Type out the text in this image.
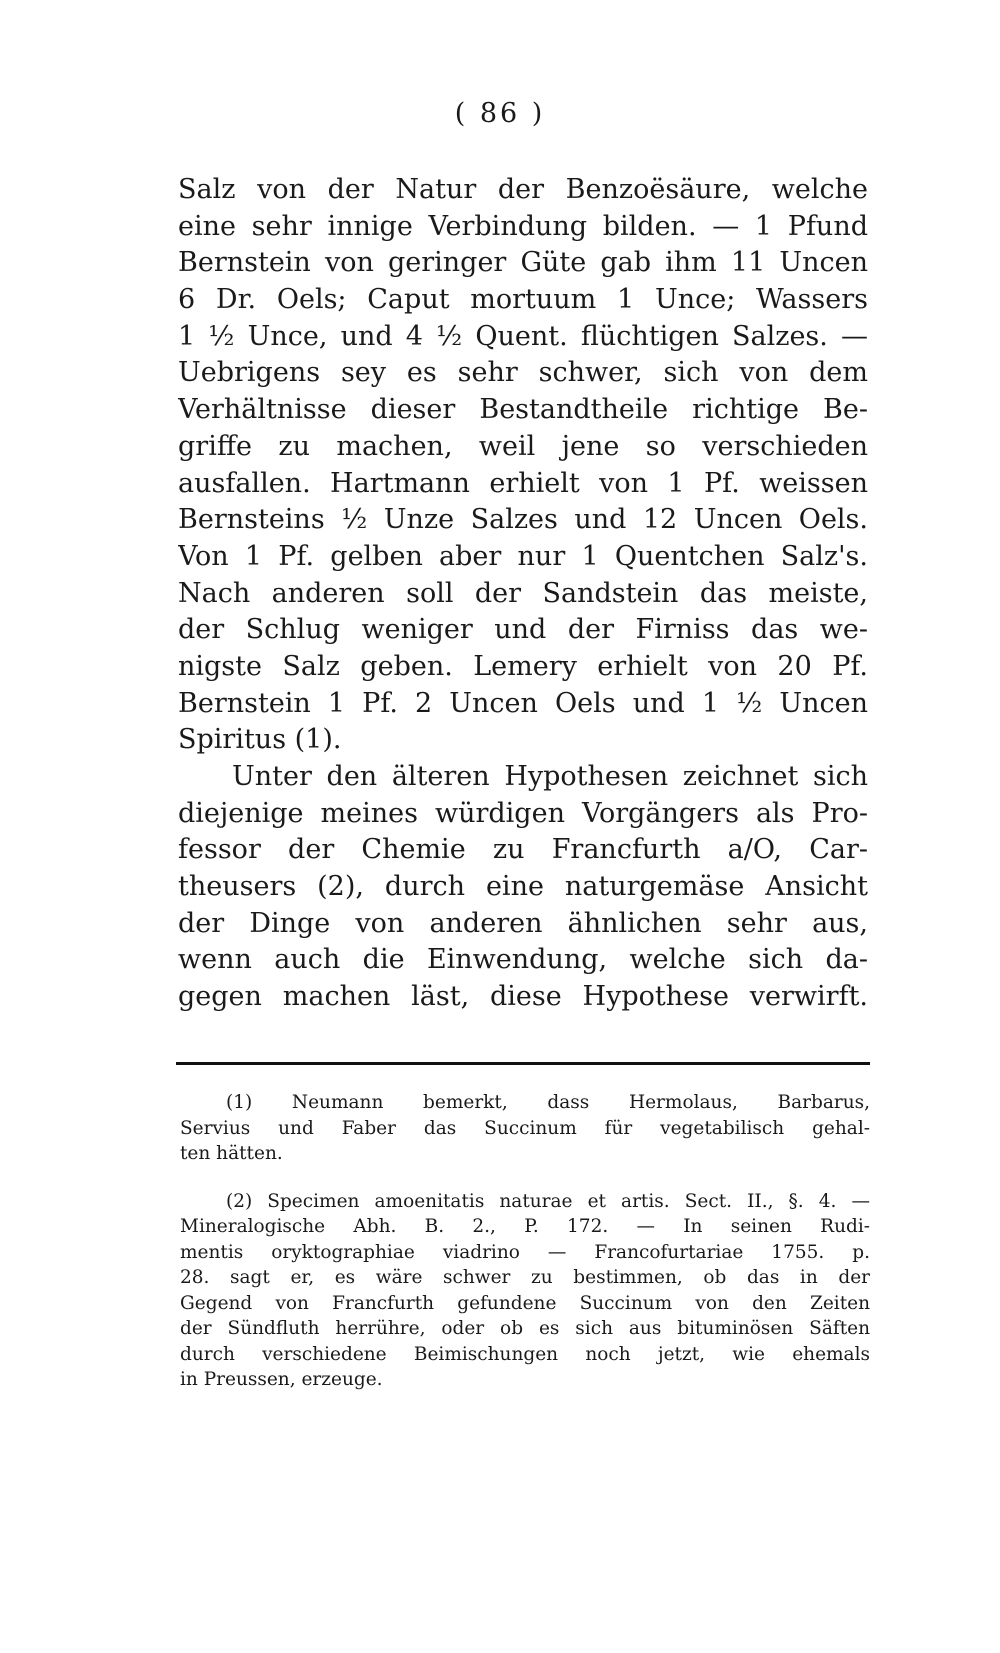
( 86 )
Salz von der Natur der Benzoësäure, welche
eine sehr innige Verbindung bilden. — 1 Pfund
Bernstein von geringer Güte gab ihm 11 Uncen
6 Dr. Oels; Caput mortuum 1 Unce; Wassers
1 ½ Unce, und 4 ½ Quent. flüchtigen Salzes. —
Uebrigens sey es sehr schwer, sich von dem
Verhältnisse dieser Bestandtheile richtige Be-
griffe zu machen, weil jene so verschieden
ausfallen. Hartmann erhielt von 1 Pf. weissen
Bernsteins ½ Unze Salzes und 12 Uncen Oels.
Von 1 Pf. gelben aber nur 1 Quentchen Salz's.
Nach anderen soll der Sandstein das meiste,
der Schlug weniger und der Firniss das we-
nigste Salz geben. Lemery erhielt von 20 Pf.
Bernstein 1 Pf. 2 Uncen Oels und 1 ½ Uncen
Spiritus (1).
Unter den älteren Hypothesen zeichnet sich
diejenige meines würdigen Vorgängers als Pro-
fessor der Chemie zu Francfurth a/O, Car-
theusers (2), durch eine naturgemäse Ansicht
der Dinge von anderen ähnlichen sehr aus,
wenn auch die Einwendung, welche sich da-
gegen machen läst, diese Hypothese verwirft.
(1) Neumann bemerkt, dass Hermolaus, Barbarus,
Servius und Faber das Succinum für vegetabilisch gehal-
ten hätten.
(2) Specimen amoenitatis naturae et artis. Sect. II., §. 4. —
Mineralogische Abh. B. 2., P. 172. — In seinen Rudi-
mentis oryktographiae viadrino — Francofurtariae 1755. p.
28. sagt er, es wäre schwer zu bestimmen, ob das in der
Gegend von Francfurth gefundene Succinum von den Zeiten
der Sündfluth herrühre, oder ob es sich aus bituminösen Säften
durch verschiedene Beimischungen noch jetzt, wie ehemals
in Preussen, erzeuge.
